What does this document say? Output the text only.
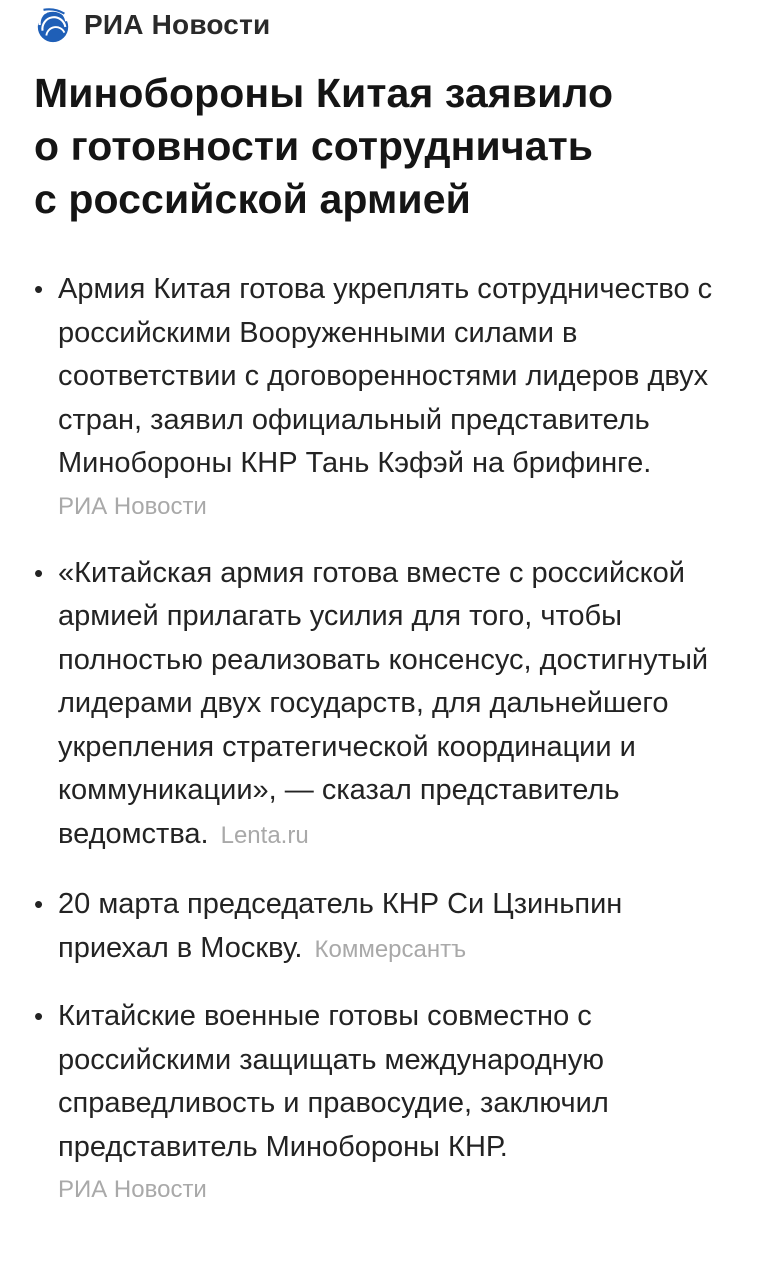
РИА Новости
Минобороны Китая заявило
о готовности сотрудничать
с российской армией
• Армия Китая готова укреплять сотрудничество с российскими Вооруженными силами в соответствии с договоренностями лидеров двух стран, заявил официальный представитель Минобороны КНР Тань Кэфэй на брифинге.
РИА Новости
• «Китайская армия готова вместе с российской армией прилагать усилия для того, чтобы полностью реализовать консенсус, достигнутый лидерами двух государств, для дальнейшего укрепления стратегической координации и коммуникации», — сказал представитель ведомства. Lenta.ru
• 20 марта председатель КНР Си Цзиньпин приехал в Москву. Коммерсантъ
• Китайские военные готовы совместно с российскими защищать международную справедливость и правосудие, заключил представитель Минобороны КНР.
РИА Новости
